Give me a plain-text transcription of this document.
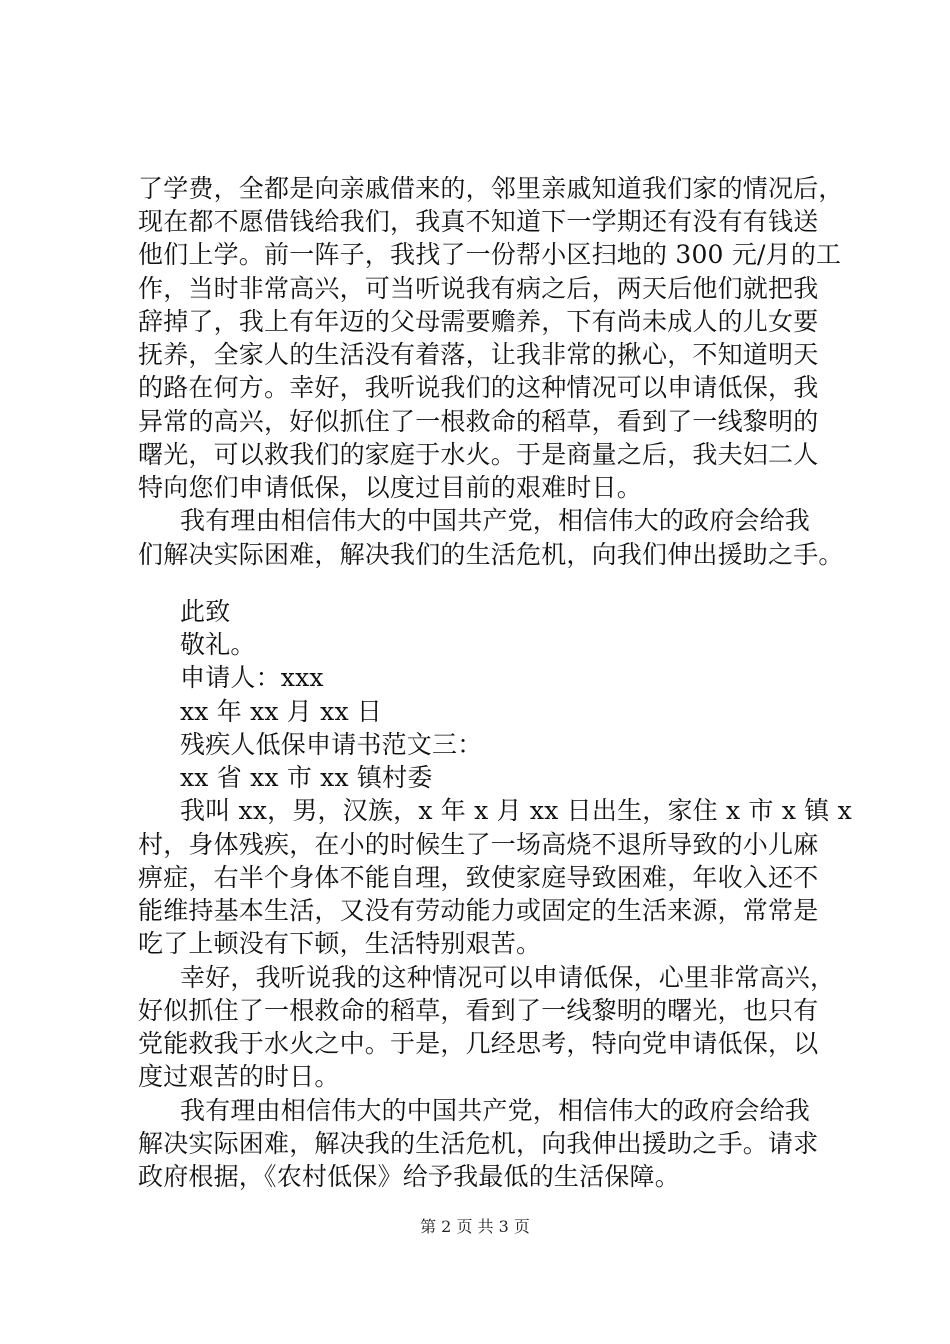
了学费，全都是向亲戚借来的，邻里亲戚知道我们家的情况后，
现在都不愿借钱给我们，我真不知道下一学期还有没有有钱送
他们上学。前一阵子，我找了一份帮小区扫地的 300 元/月的工
作，当时非常高兴，可当听说我有病之后，两天后他们就把我
辞掉了，我上有年迈的父母需要赡养，下有尚未成人的儿女要
抚养，全家人的生活没有着落，让我非常的揪心，不知道明天
的路在何方。幸好，我听说我们的这种情况可以申请低保，我
异常的高兴，好似抓住了一根救命的稻草，看到了一线黎明的
曙光，可以救我们的家庭于水火。于是商量之后，我夫妇二人
特向您们申请低保，以度过目前的艰难时日。
我有理由相信伟大的中国共产党，相信伟大的政府会给我
们解决实际困难，解决我们的生活危机，向我们伸出援助之手。
此致
敬礼。
申请人：xxx
xx 年 xx 月 xx 日
残疾人低保申请书范文三：
xx 省 xx 市 xx 镇村委
我叫 xx，男，汉族，x 年 x 月 xx 日出生，家住 x 市 x 镇 x
村，身体残疾，在小的时候生了一场高烧不退所导致的小儿麻
痹症，右半个身体不能自理，致使家庭导致困难，年收入还不
能维持基本生活，又没有劳动能力或固定的生活来源，常常是
吃了上顿没有下顿，生活特别艰苦。
幸好，我听说我的这种情况可以申请低保，心里非常高兴，
好似抓住了一根救命的稻草，看到了一线黎明的曙光，也只有
党能救我于水火之中。于是，几经思考，特向党申请低保，以
度过艰苦的时日。
我有理由相信伟大的中国共产党，相信伟大的政府会给我
解决实际困难，解决我的生活危机，向我伸出援助之手。请求
政府根据，《农村低保》给予我最低的生活保障。
第 2 页 共 3 页
